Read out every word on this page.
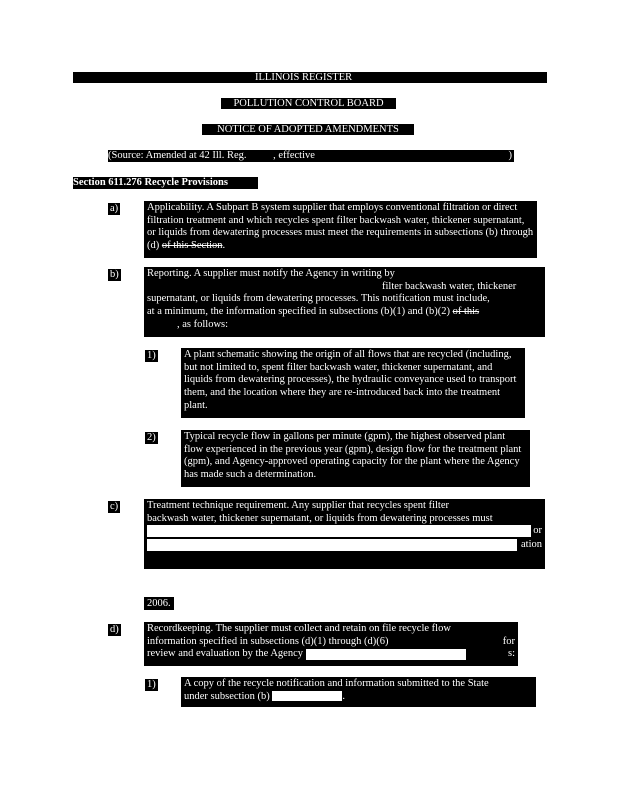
ILLINOIS REGISTER
POLLUTION CONTROL BOARD
NOTICE OF ADOPTED AMENDMENTS
(Source: Amended at 42 Ill. Reg. , effective	)
Section 611.276 Recycle Provisions
a)	Applicability. A Subpart B system supplier that employs conventional filtration or direct filtration treatment and which recycles spent filter backwash water, thickener supernatant, or liquids from dewatering processes must meet the requirements in subsections (b) through (d) of this Section.
b)	Reporting. A supplier must notify the Agency in writing by

filter backwash water, thickener

supernatant, or liquids from dewatering processes. This notification must include,

at a minimum, the information specified in subsections (b)(1) and (b)(2) of this

, as follows:

1)	A plant schematic showing the origin of all flows that are recycled (including, but not limited to, spent filter backwash water, thickener supernatant, and liquids from dewatering processes), the hydraulic conveyance used to transport them, and the location where they are re-introduced back into the treatment plant.
2)	Typical recycle flow in gallons per minute (gpm), the highest observed plant flow experienced in the previous year (gpm), design flow for the treatment plant (gpm), and Agency-approved operating capacity for the plant where the Agency has made such a determination.
c)	Treatment technique requirement. Any supplier that recycles spent filter

backwash water, thickener supernatant, or liquids from dewatering processes must

d or

ation

2006.
d)	Recordkeeping. The supplier must collect and retain on file recycle flow

information specified in subsections (d)(1) through (d)(6)	for

review and evaluation by the Agency	s:

1)	A copy of the recycle notification and information submitted to the State

under subsection (b)	.
